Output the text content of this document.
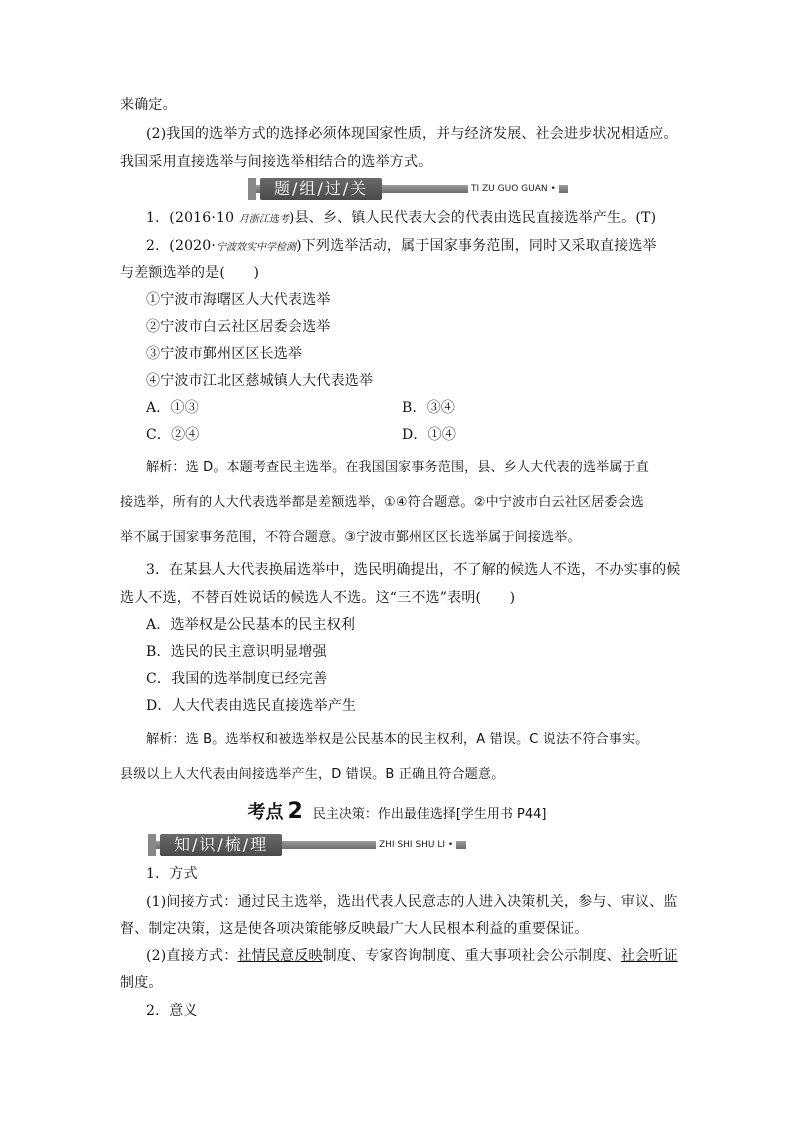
来确定。
(2)我国的选举方式的选择必须体现国家性质，并与经济发展、社会进步状况相适应。
我国采用直接选举与间接选举相结合的选举方式。
题/组/过/关	TI ZU GUO GUAN •
1．(2016·10 月浙江选考)县、乡、镇人民代表大会的代表由选民直接选举产生。(T)
2．(2020·宁波效实中学检测)下列选举活动，属于国家事务范围，同时又采取直接选举
与差额选举的是(　　)
①宁波市海曙区人大代表选举
②宁波市白云社区居委会选举
③宁波市鄞州区区长选举
④宁波市江北区慈城镇人大代表选举
A．①③	B．③④
C．②④	D．①④
解析：选 D。本题考查民主选举。在我国国家事务范围，县、乡人大代表的选举属于直
接选举，所有的人大代表选举都是差额选举，①④符合题意。②中宁波市白云社区居委会选
举不属于国家事务范围，不符合题意。③宁波市鄞州区区长选举属于间接选举。
3．在某县人大代表换届选举中，选民明确提出，不了解的候选人不选，不办实事的候
选人不选，不替百姓说话的候选人不选。这“三不选”表明(　　)
A．选举权是公民基本的民主权利
B．选民的民主意识明显增强
C．我国的选举制度已经完善
D．人大代表由选民直接选举产生
解析：选 B。选举权和被选举权是公民基本的民主权利，A 错误。C 说法不符合事实。
县级以上人大代表由间接选举产生，D 错误。B 正确且符合题意。
考点 2 民主决策：作出最佳选择[学生用书 P44]
知/识/梳/理	ZHI SHI SHU LI •
1．方式
(1)间接方式：通过民主选举，选出代表人民意志的人进入决策机关，参与、审议、监
督、制定决策，这是使各项决策能够反映最广大人民根本利益的重要保证。
(2)直接方式：社情民意反映制度、专家咨询制度、重大事项社会公示制度、社会听证
制度。
2．意义
